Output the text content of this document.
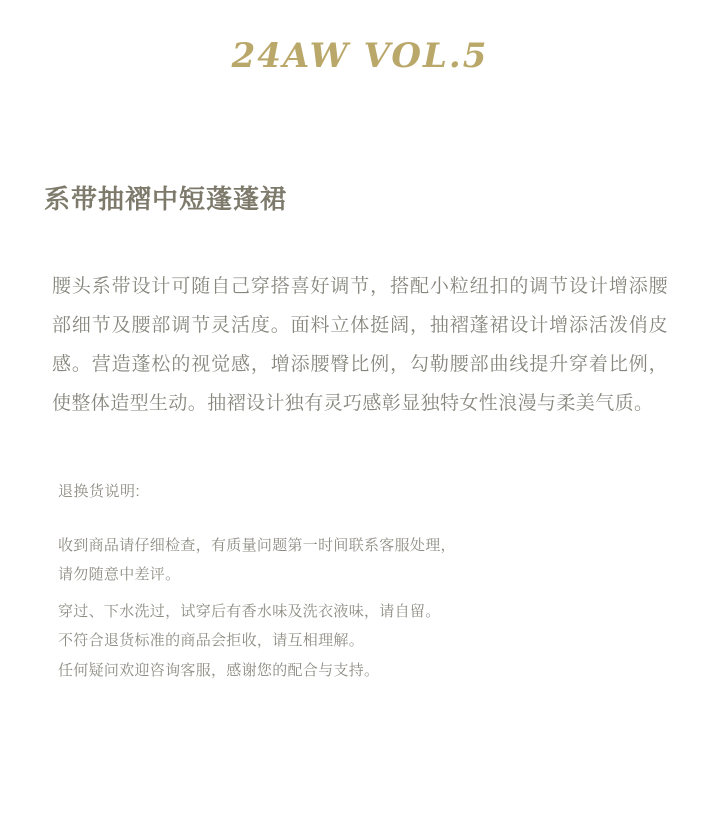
24AW VOL.5
系带抽褶中短蓬蓬裙

腰头系带设计可随自己穿搭喜好调节，搭配小粒纽扣的调节设计增添腰部细节及腰部调节灵活度。面料立体挺阔，抽褶蓬裙设计增添活泼俏皮感。营造蓬松的视觉感，增添腰臀比例，勾勒腰部曲线提升穿着比例，使整体造型生动。抽褶设计独有灵巧感彰显独特女性浪漫与柔美气质。

退换货说明:
收到商品请仔细检查，有质量问题第一时间联系客服处理，
请勿随意中差评。
穿过、下水洗过，试穿后有香水味及洗衣液味，请自留。
不符合退货标准的商品会拒收，请互相理解。
任何疑问欢迎咨询客服，感谢您的配合与支持。
